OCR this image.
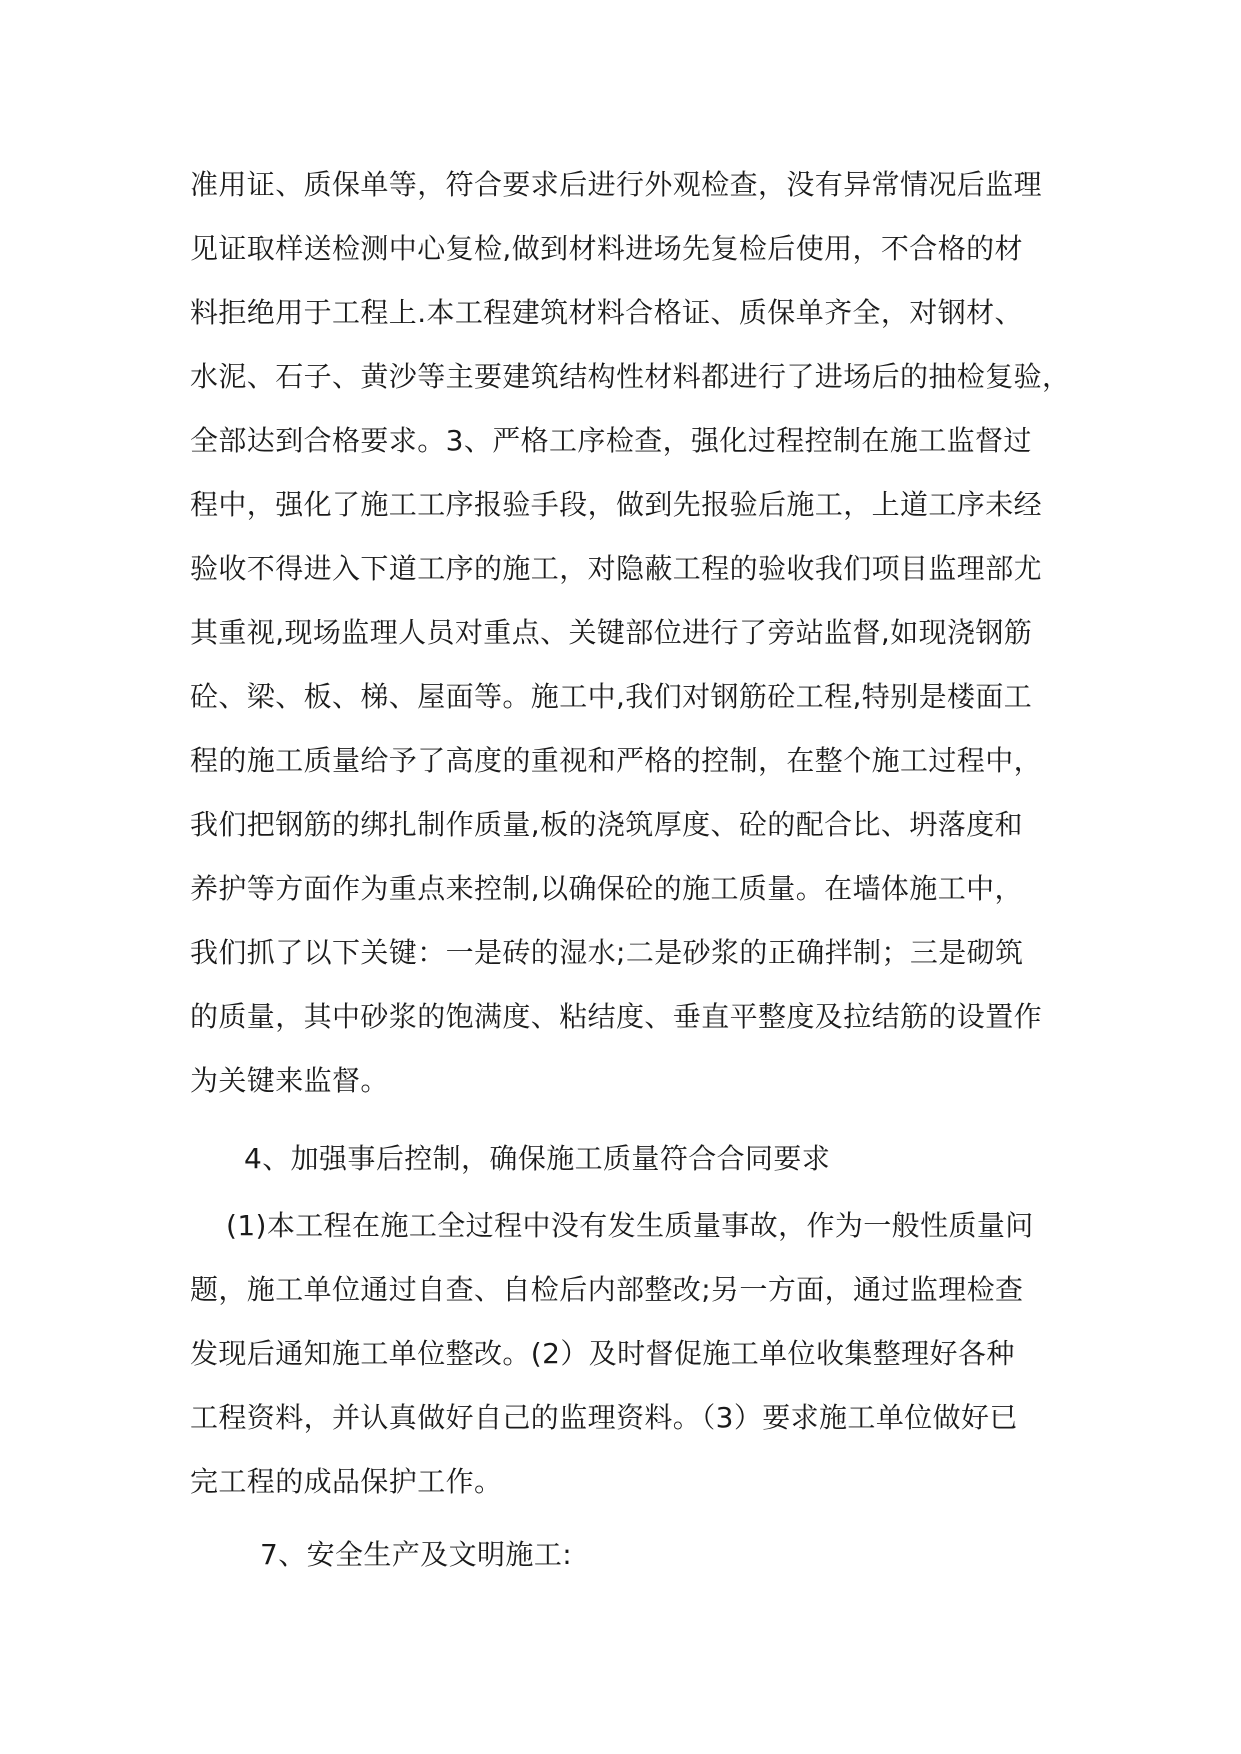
准用证、质保单等，符合要求后进行外观检查，没有异常情况后监理
见证取样送检测中心复检,做到材料进场先复检后使用，不合格的材
料拒绝用于工程上.本工程建筑材料合格证、质保单齐全，对钢材、
水泥、石子、黄沙等主要建筑结构性材料都进行了进场后的抽检复验，
全部达到合格要求。3、严格工序检查，强化过程控制在施工监督过
程中，强化了施工工序报验手段，做到先报验后施工，上道工序未经
验收不得进入下道工序的施工，对隐蔽工程的验收我们项目监理部尤
其重视,现场监理人员对重点、关键部位进行了旁站监督,如现浇钢筋
砼、梁、板、梯、屋面等。施工中,我们对钢筋砼工程,特别是楼面工
程的施工质量给予了高度的重视和严格的控制，在整个施工过程中，
我们把钢筋的绑扎制作质量,板的浇筑厚度、砼的配合比、坍落度和
养护等方面作为重点来控制,以确保砼的施工质量。在墙体施工中，
我们抓了以下关键：一是砖的湿水;二是砂浆的正确拌制；三是砌筑
的质量，其中砂浆的饱满度、粘结度、垂直平整度及拉结筋的设置作
为关键来监督。
4、加强事后控制，确保施工质量符合合同要求
(1)本工程在施工全过程中没有发生质量事故，作为一般性质量问
题，施工单位通过自查、自检后内部整改;另一方面，通过监理检查
发现后通知施工单位整改。(2）及时督促施工单位收集整理好各种
工程资料，并认真做好自己的监理资料。（3）要求施工单位做好已
完工程的成品保护工作。
7、安全生产及文明施工:
